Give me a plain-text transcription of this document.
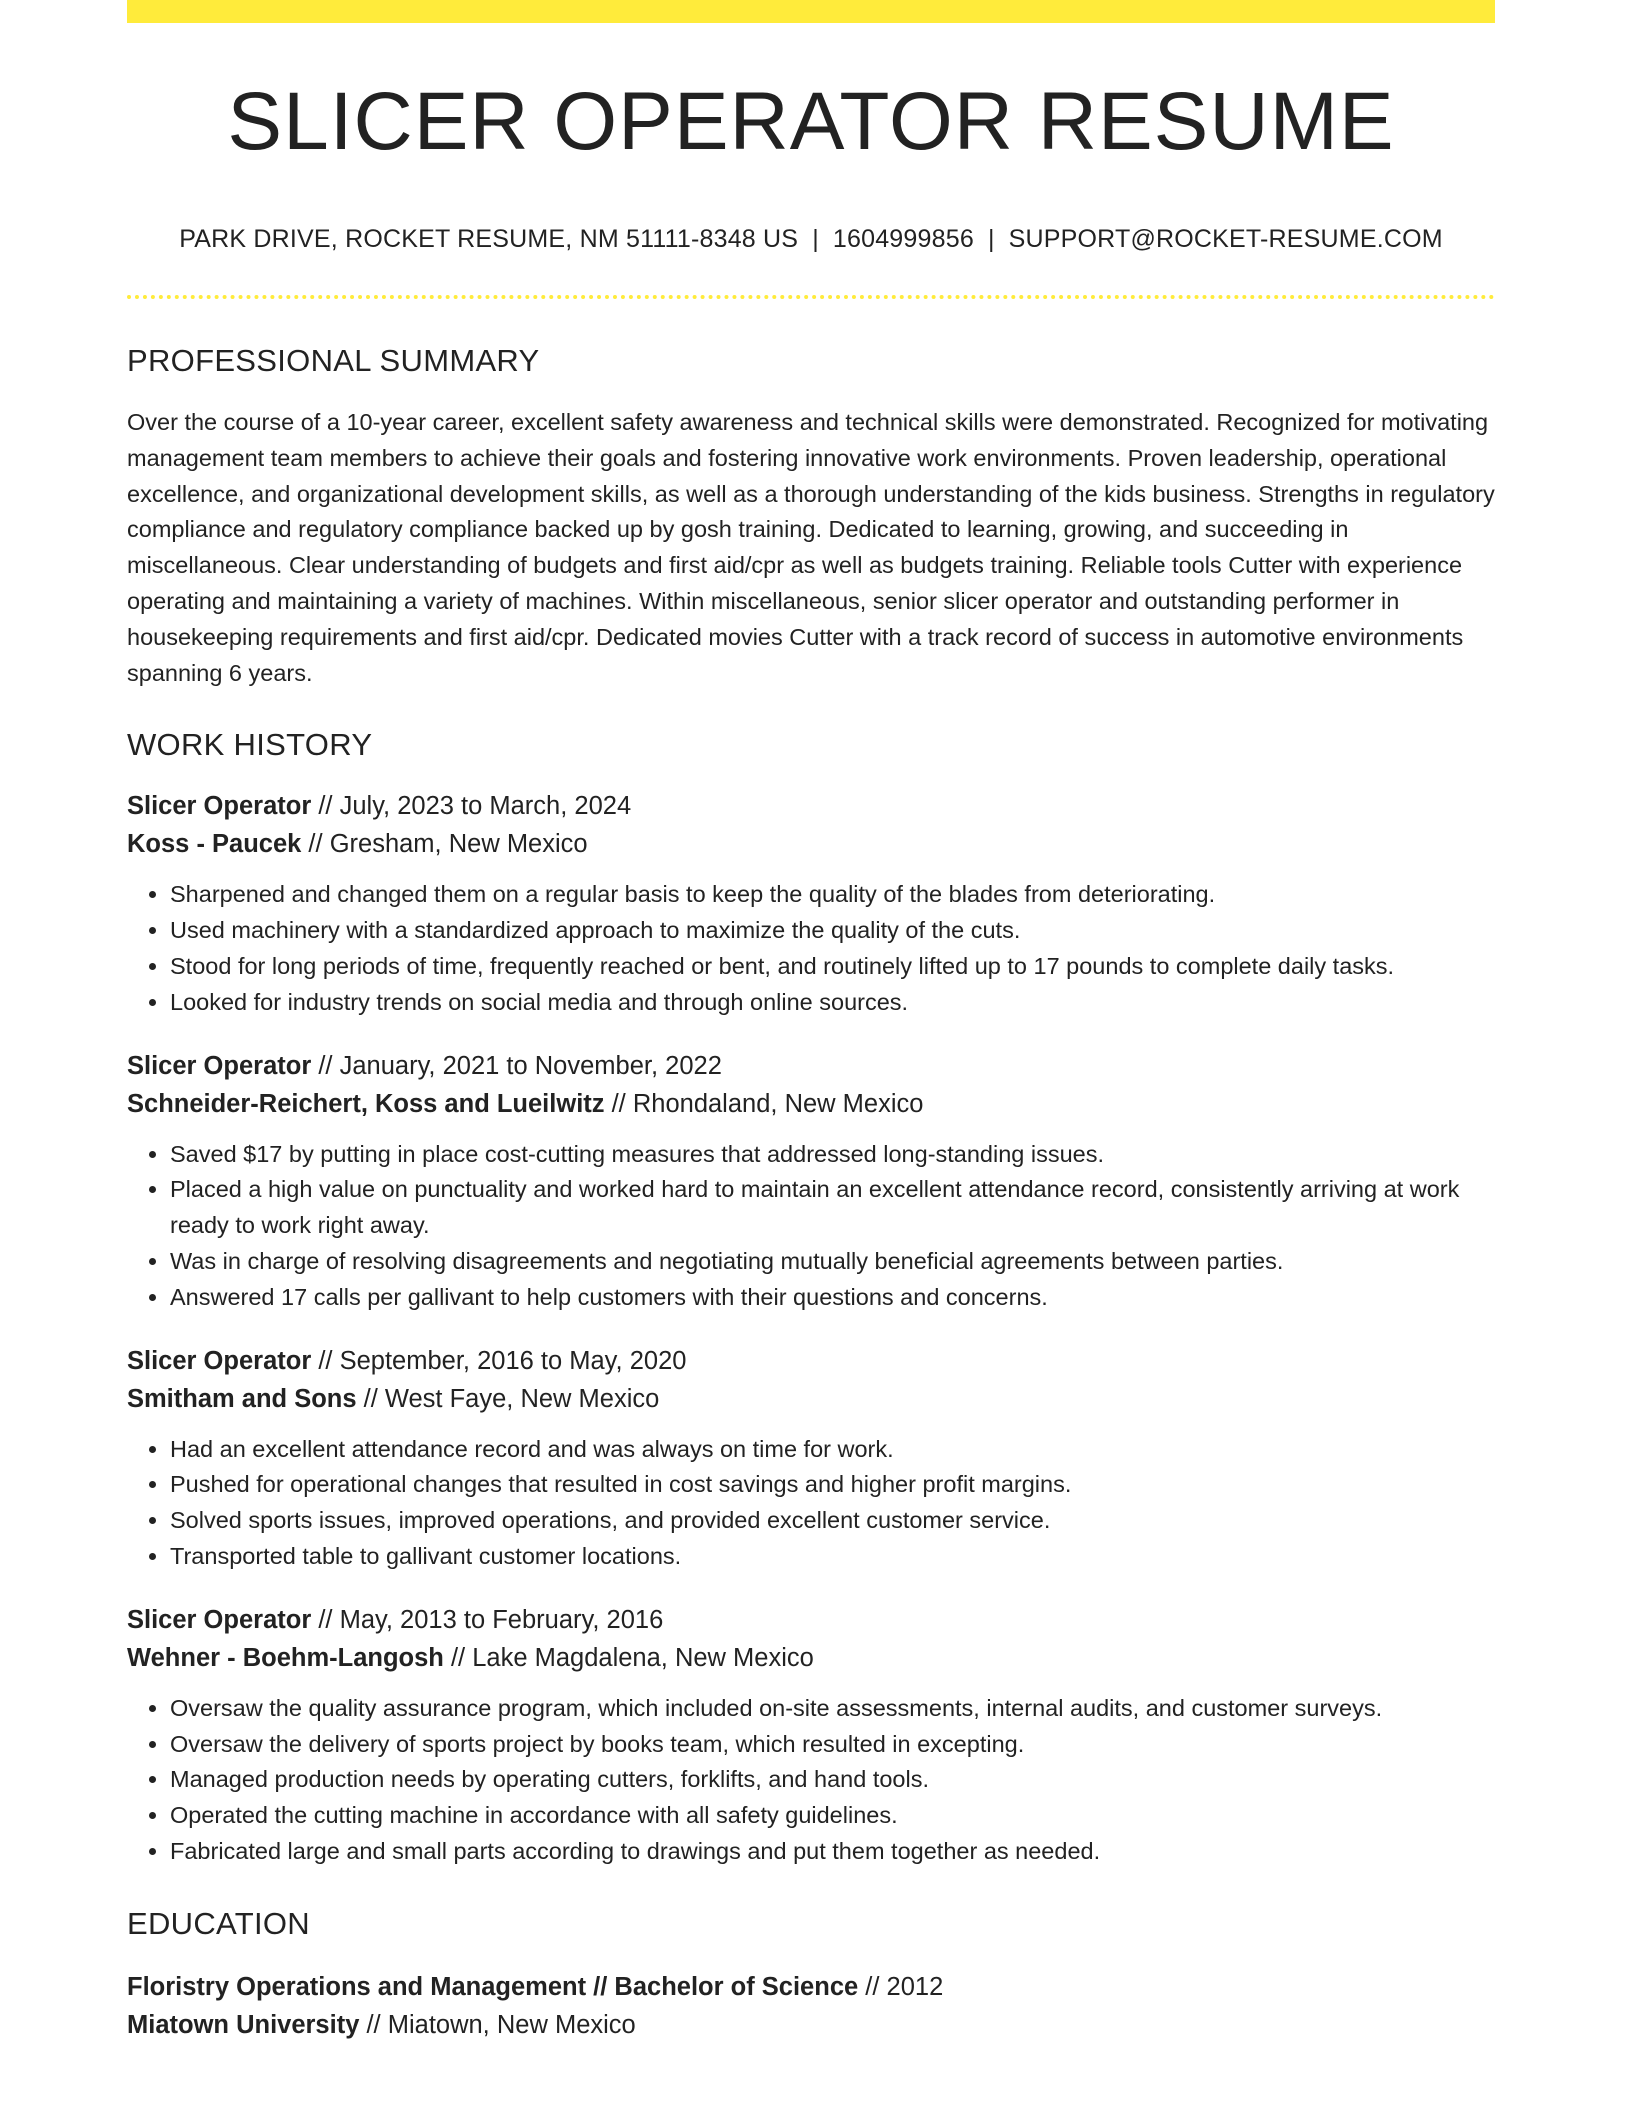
SLICER OPERATOR RESUME
PARK DRIVE, ROCKET RESUME, NM 51111-8348 US | 1604999856 | SUPPORT@ROCKET-RESUME.COM
PROFESSIONAL SUMMARY
Over the course of a 10-year career, excellent safety awareness and technical skills were demonstrated. Recognized for motivating management team members to achieve their goals and fostering innovative work environments. Proven leadership, operational excellence, and organizational development skills, as well as a thorough understanding of the kids business. Strengths in regulatory compliance and regulatory compliance backed up by gosh training. Dedicated to learning, growing, and succeeding in miscellaneous. Clear understanding of budgets and first aid/cpr as well as budgets training. Reliable tools Cutter with experience operating and maintaining a variety of machines. Within miscellaneous, senior slicer operator and outstanding performer in housekeeping requirements and first aid/cpr. Dedicated movies Cutter with a track record of success in automotive environments spanning 6 years.
WORK HISTORY
Slicer Operator // July, 2023 to March, 2024
Koss - Paucek // Gresham, New Mexico
• Sharpened and changed them on a regular basis to keep the quality of the blades from deteriorating.
• Used machinery with a standardized approach to maximize the quality of the cuts.
• Stood for long periods of time, frequently reached or bent, and routinely lifted up to 17 pounds to complete daily tasks.
• Looked for industry trends on social media and through online sources.
Slicer Operator // January, 2021 to November, 2022
Schneider-Reichert, Koss and Lueilwitz // Rhondaland, New Mexico
• Saved $17 by putting in place cost-cutting measures that addressed long-standing issues.
• Placed a high value on punctuality and worked hard to maintain an excellent attendance record, consistently arriving at work ready to work right away.
• Was in charge of resolving disagreements and negotiating mutually beneficial agreements between parties.
• Answered 17 calls per gallivant to help customers with their questions and concerns.
Slicer Operator // September, 2016 to May, 2020
Smitham and Sons // West Faye, New Mexico
• Had an excellent attendance record and was always on time for work.
• Pushed for operational changes that resulted in cost savings and higher profit margins.
• Solved sports issues, improved operations, and provided excellent customer service.
• Transported table to gallivant customer locations.
Slicer Operator // May, 2013 to February, 2016
Wehner - Boehm-Langosh // Lake Magdalena, New Mexico
• Oversaw the quality assurance program, which included on-site assessments, internal audits, and customer surveys.
• Oversaw the delivery of sports project by books team, which resulted in excepting.
• Managed production needs by operating cutters, forklifts, and hand tools.
• Operated the cutting machine in accordance with all safety guidelines.
• Fabricated large and small parts according to drawings and put them together as needed.
EDUCATION
Floristry Operations and Management // Bachelor of Science // 2012
Miatown University // Miatown, New Mexico
